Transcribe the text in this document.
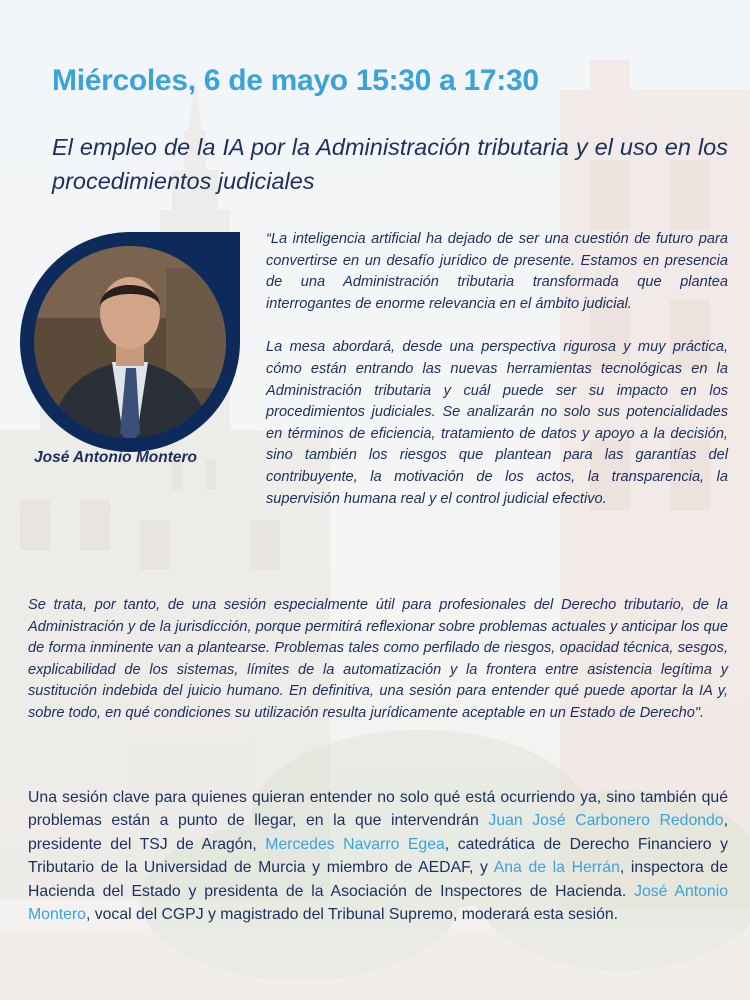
Miércoles, 6 de mayo 15:30 a 17:30
El empleo de la IA por la Administración tributaria y el uso en los procedimientos judiciales

José Antonio Montero

“La inteligencia artificial ha dejado de ser una cuestión de futuro para convertirse en un desafío jurídico de presente. Estamos en presencia de una Administración tributaria transformada que plantea interrogantes de enorme relevancia en el ámbito judicial.

La mesa abordará, desde una perspectiva rigurosa y muy práctica, cómo están entrando las nuevas herramientas tecnológicas en la Administración tributaria y cuál puede ser su impacto en los procedimientos judiciales. Se analizarán no solo sus potencialidades en términos de eficiencia, tratamiento de datos y apoyo a la decisión, sino también los riesgos que plantean para las garantías del contribuyente, la motivación de los actos, la transparencia, la supervisión humana real y el control judicial efectivo.

Se trata, por tanto, de una sesión especialmente útil para profesionales del Derecho tributario, de la Administración y de la jurisdicción, porque permitirá reflexionar sobre problemas actuales y anticipar los que de forma inminente van a plantearse. Problemas tales como perfilado de riesgos, opacidad técnica, sesgos, explicabilidad de los sistemas, límites de la automatización y la frontera entre asistencia legítima y sustitución indebida del juicio humano. En definitiva, una sesión para entender qué puede aportar la IA y, sobre todo, en qué condiciones su utilización resulta jurídicamente aceptable en un Estado de Derecho".

Una sesión clave para quienes quieran entender no solo qué está ocurriendo ya, sino también qué problemas están a punto de llegar, en la que intervendrán Juan José Carbonero Redondo, presidente del TSJ de Aragón, Mercedes Navarro Egea, catedrática de Derecho Financiero y Tributario de la Universidad de Murcia y miembro de AEDAF, y Ana de la Herrán, inspectora de Hacienda del Estado y presidenta de la Asociación de Inspectores de Hacienda. José Antonio Montero, vocal del CGPJ y magistrado del Tribunal Supremo, moderará esta sesión.
